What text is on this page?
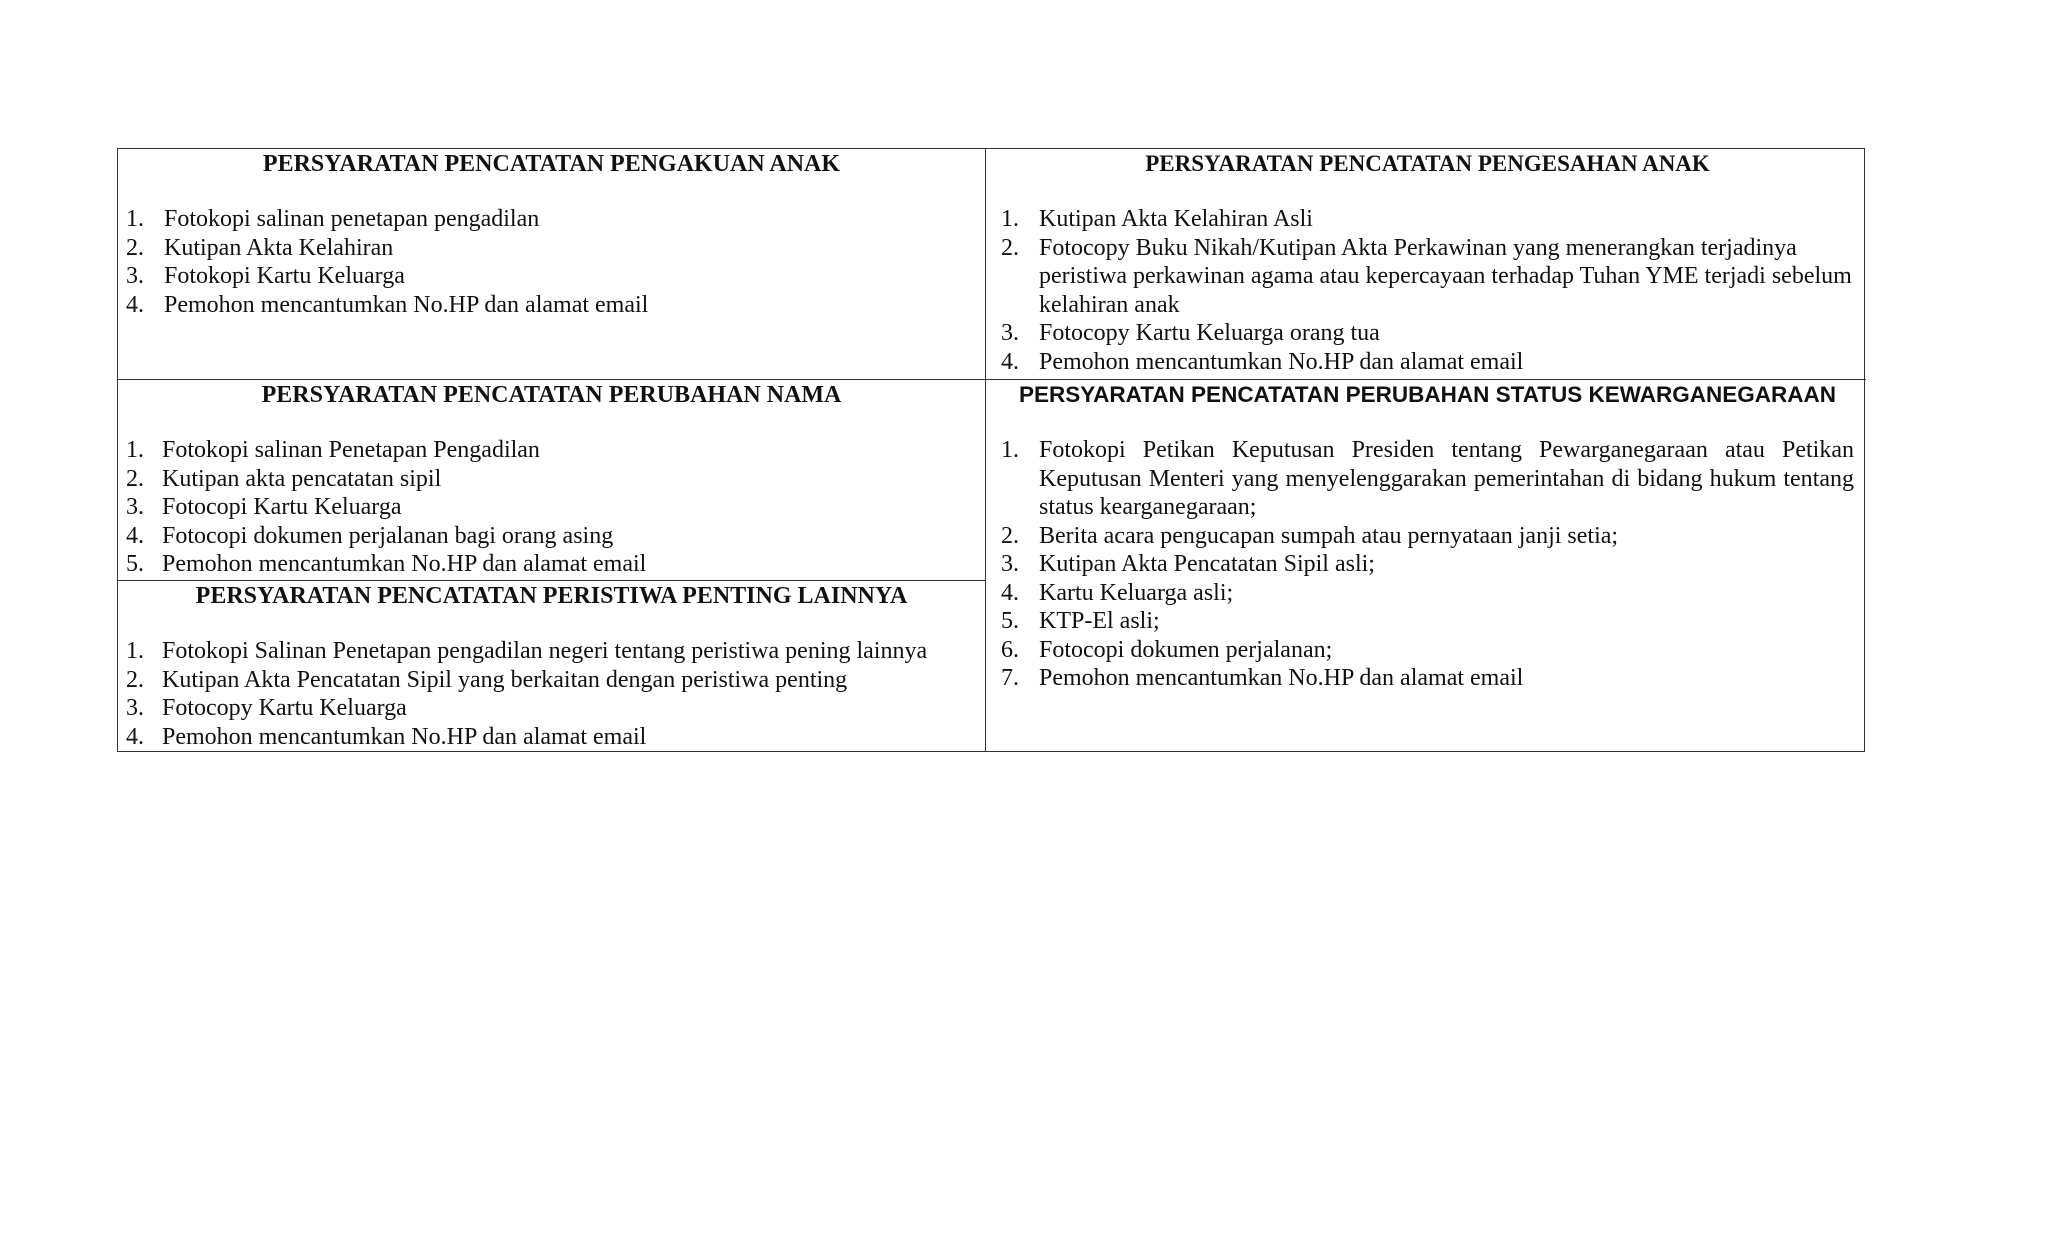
PERSYARATAN PENCATATAN PENGAKUAN ANAK
1. Fotokopi salinan penetapan pengadilan
2. Kutipan Akta Kelahiran
3. Fotokopi Kartu Keluarga
4. Pemohon mencantumkan No.HP dan alamat email
PERSYARATAN PENCATATAN PENGESAHAN ANAK
1. Kutipan Akta Kelahiran Asli
2. Fotocopy Buku Nikah/Kutipan Akta Perkawinan yang menerangkan terjadinya peristiwa perkawinan agama atau kepercayaan terhadap Tuhan YME terjadi sebelum kelahiran anak
3. Fotocopy Kartu Keluarga orang tua
4. Pemohon mencantumkan No.HP dan alamat email
PERSYARATAN PENCATATAN PERUBAHAN NAMA
1. Fotokopi salinan Penetapan Pengadilan
2. Kutipan akta pencatatan sipil
3. Fotocopi Kartu Keluarga
4. Fotocopi dokumen perjalanan bagi orang asing
5. Pemohon mencantumkan No.HP dan alamat email
PERSYARATAN PENCATATAN PERISTIWA PENTING LAINNYA
1. Fotokopi Salinan Penetapan pengadilan negeri tentang peristiwa pening lainnya
2. Kutipan Akta Pencatatan Sipil yang berkaitan dengan peristiwa penting
3. Fotocopy Kartu Keluarga
4. Pemohon mencantumkan No.HP dan alamat email
PERSYARATAN PENCATATAN PERUBAHAN STATUS KEWARGANEGARAAN
1. Fotokopi Petikan Keputusan Presiden tentang Pewarganegaraan atau Petikan Keputusan Menteri yang menyelenggarakan pemerintahan di bidang hukum tentang status kearganegaraan;
2. Berita acara pengucapan sumpah atau pernyataan janji setia;
3. Kutipan Akta Pencatatan Sipil asli;
4. Kartu Keluarga asli;
5. KTP-El asli;
6. Fotocopi dokumen perjalanan;
7. Pemohon mencantumkan No.HP dan alamat email
